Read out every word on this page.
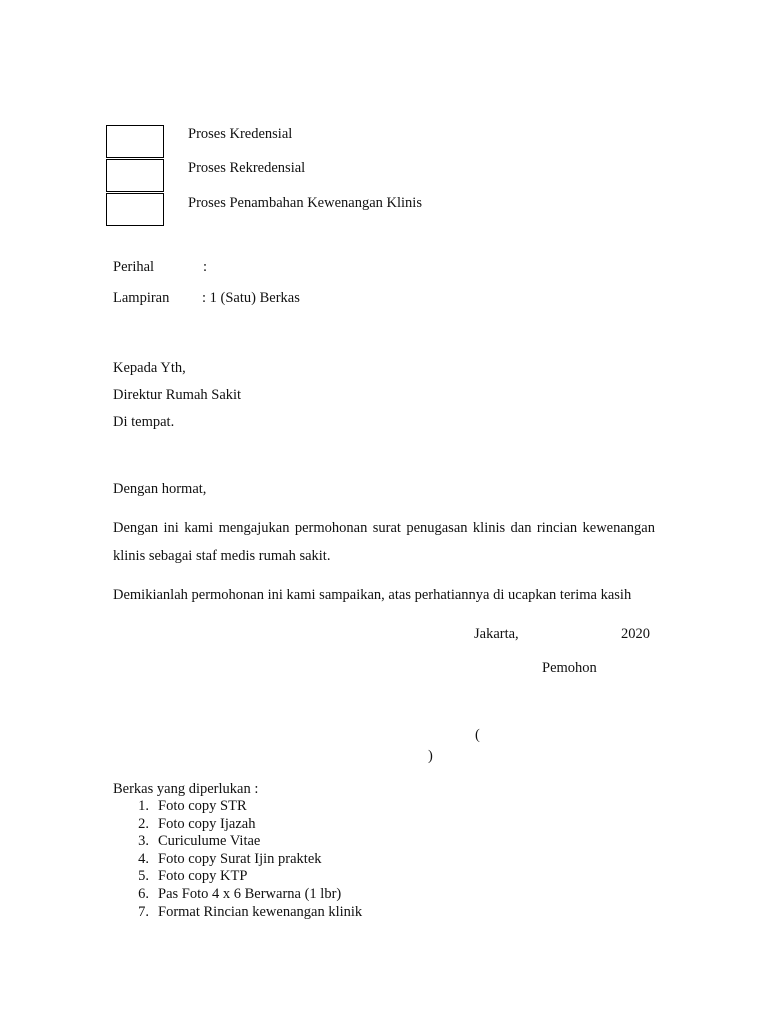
Proses Kredensial
Proses Rekredensial
Proses Penambahan Kewenangan Klinis
Perihal	:
Lampiran : 1 (Satu) Berkas
Kepada Yth,
Direktur Rumah Sakit
Di tempat.
Dengan hormat,
Dengan ini kami mengajukan permohonan surat penugasan klinis dan rincian kewenangan klinis sebagai staf medis rumah sakit.
Demikianlah permohonan ini kami sampaikan, atas perhatiannya di ucapkan terima kasih
Jakarta,	2020
Pemohon
(
)
Berkas yang diperlukan :
1. Foto copy STR
2. Foto copy Ijazah
3. Curiculume Vitae
4. Foto copy Surat Ijin praktek
5. Foto copy KTP
6. Pas Foto 4 x 6 Berwarna (1 lbr)
7. Format Rincian kewenangan klinik
